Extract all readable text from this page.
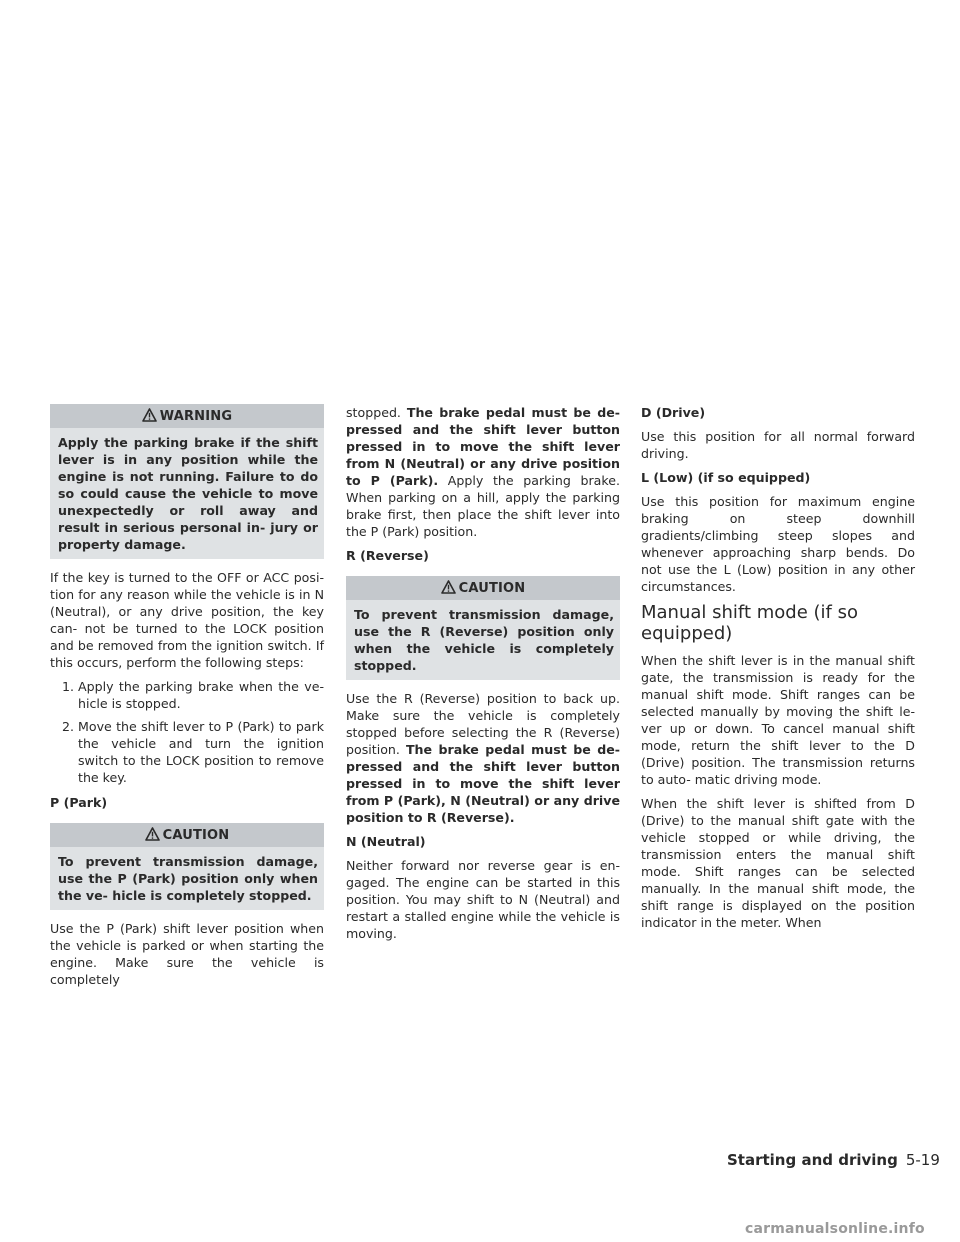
WARNING
Apply the parking brake if the shift lever is in any position while the engine is not running. Failure to do so could cause the vehicle to move unexpectedly or roll away and result in serious personal in- jury or property damage.

If the key is turned to the OFF or ACC posi- tion for any reason while the vehicle is in N (Neutral), or any drive position, the key can- not be turned to the LOCK position and be removed from the ignition switch. If this occurs, perform the following steps:

1. Apply the parking brake when the ve- hicle is stopped.
2. Move the shift lever to P (Park) to park the vehicle and turn the ignition switch to the LOCK position to remove the key.
P (Park)
CAUTION
To prevent transmission damage, use the P (Park) position only when the ve- hicle is completely stopped.

Use the P (Park) shift lever position when the vehicle is parked or when starting the engine. Make sure the vehicle is completely

stopped. The brake pedal must be de- pressed and the shift lever button pressed in to move the shift lever from N (Neutral) or any drive position to P (Park). Apply the parking brake. When parking on a hill, apply the parking brake first, then place the shift lever into the P (Park) position.

R (Reverse)
CAUTION
To prevent transmission damage, use the R (Reverse) position only when the vehicle is completely stopped.

Use the R (Reverse) position to back up. Make sure the vehicle is completely stopped before selecting the R (Reverse) position. The brake pedal must be de- pressed and the shift lever button pressed in to move the shift lever from P (Park), N (Neutral) or any drive position to R (Reverse).

N (Neutral)

Neither forward nor reverse gear is en- gaged. The engine can be started in this position. You may shift to N (Neutral) and restart a stalled engine while the vehicle is moving.

D (Drive)

Use this position for all normal forward driving.

L (Low) (if so equipped)

Use this position for maximum engine braking on steep downhill gradients/climbing steep slopes and whenever approaching sharp bends. Do not use the L (Low) position in any other circumstances.

Manual shift mode (if so equipped)

When the shift lever is in the manual shift gate, the transmission is ready for the manual shift mode. Shift ranges can be selected manually by moving the shift le- ver up or down. To cancel manual shift mode, return the shift lever to the D (Drive) position. The transmission returns to auto- matic driving mode.

When the shift lever is shifted from D (Drive) to the manual shift gate with the vehicle stopped or while driving, the transmission enters the manual shift mode. Shift ranges can be selected manually. In the manual shift mode, the shift range is displayed on the position indicator in the meter. When

Starting and driving 5-19
carmanualsonline.info
